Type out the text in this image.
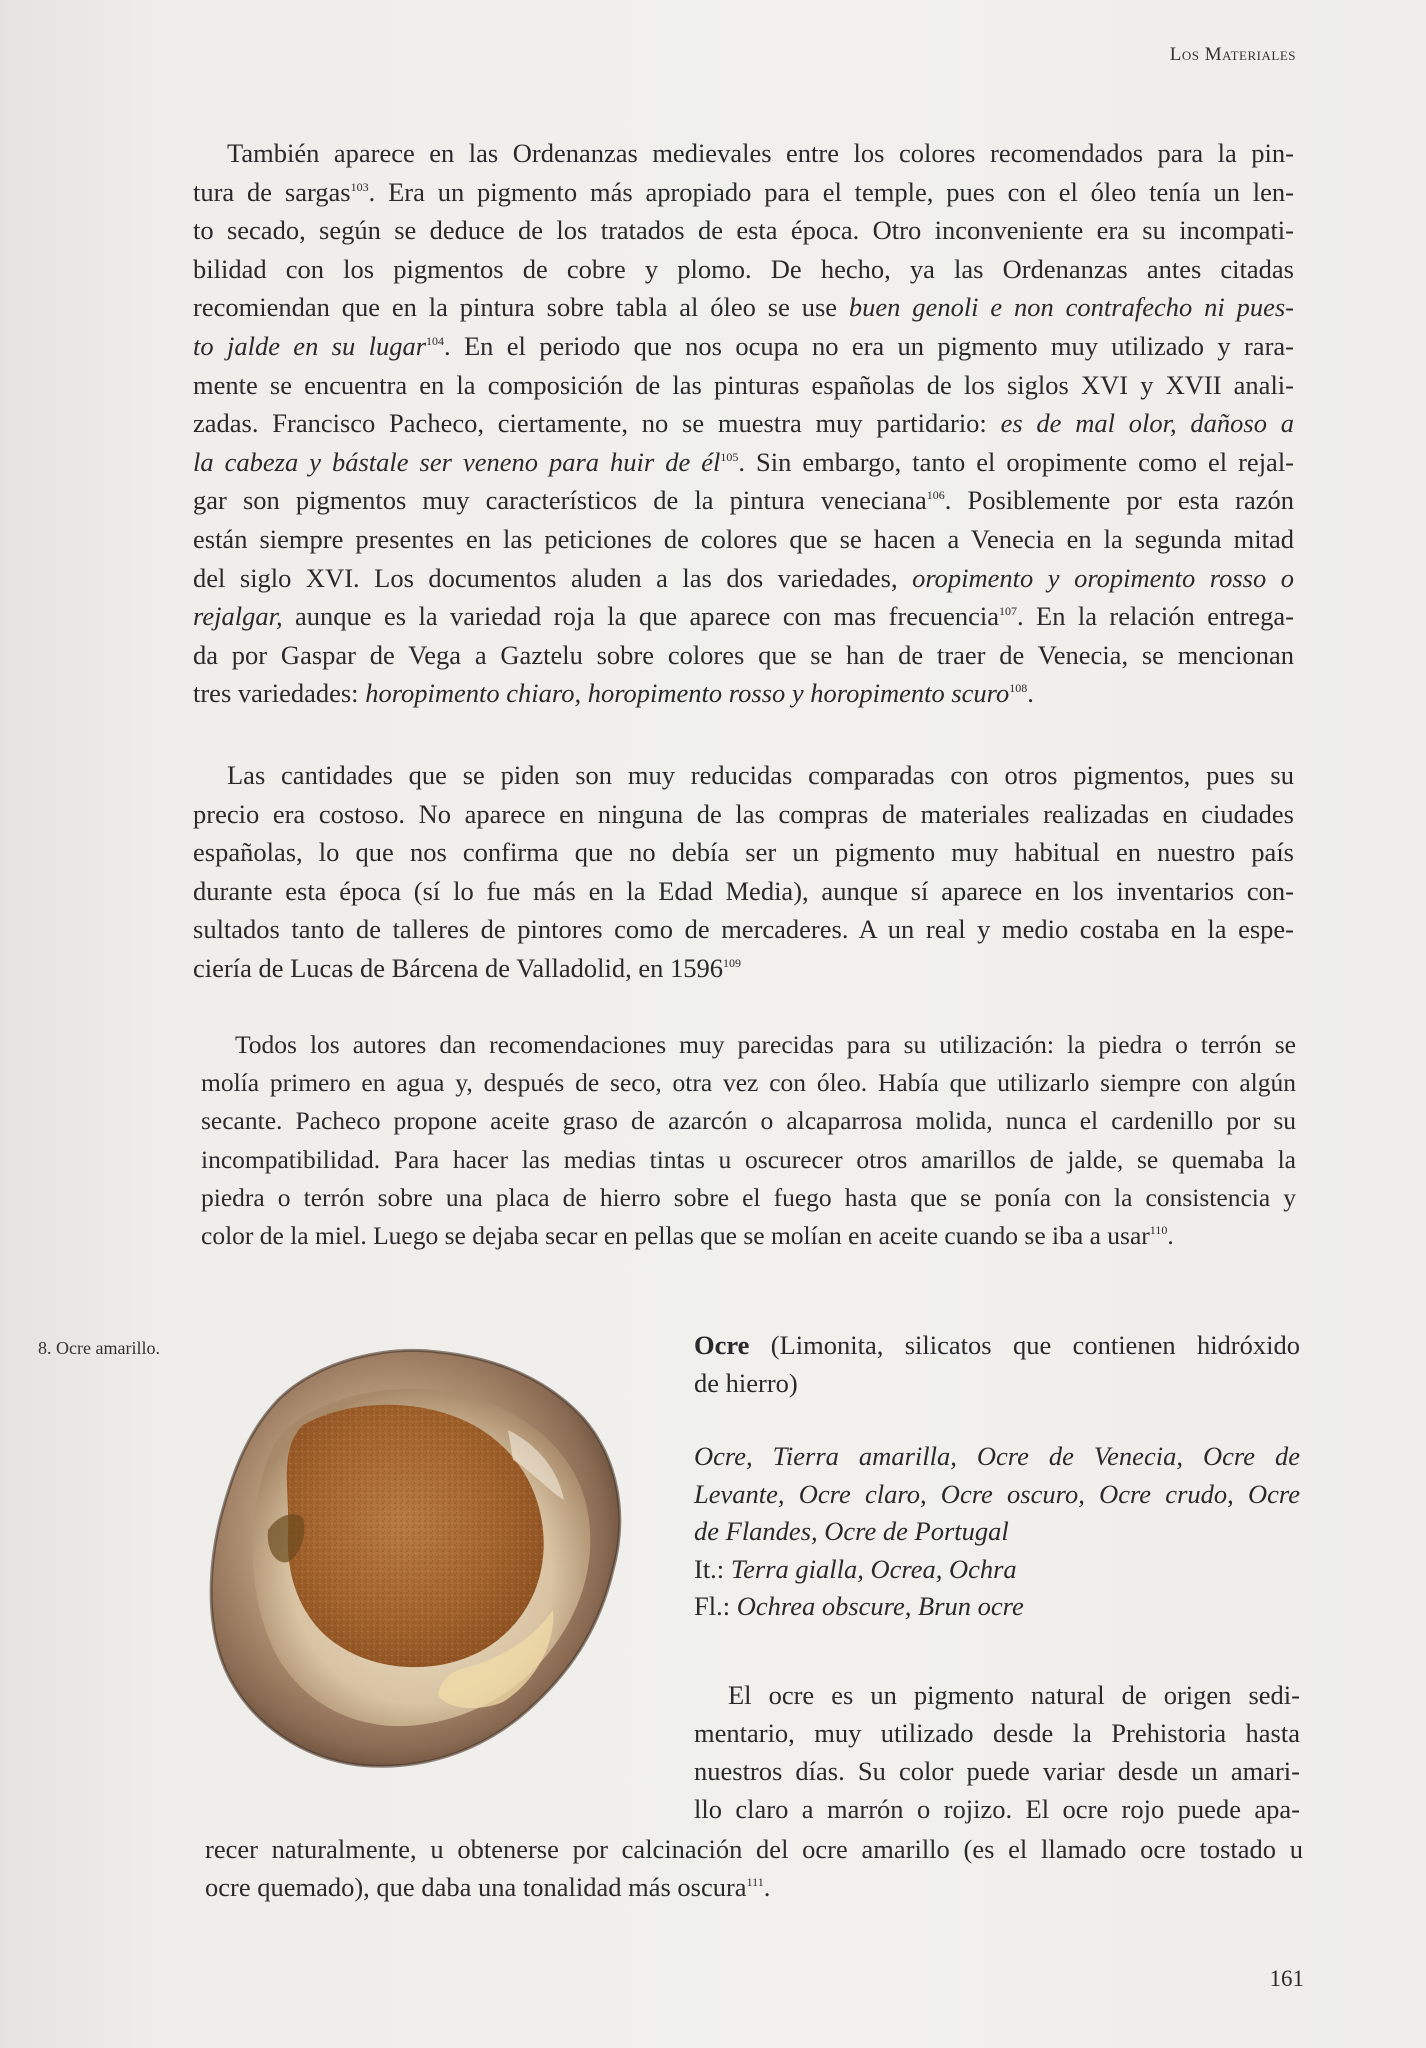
Los Materiales
También aparece en las Ordenanzas medievales entre los colores recomendados para la pin-
tura de sargas$^{103}$. Era un pigmento más apropiado para el temple, pues con el óleo tenía un len-
to secado, según se deduce de los tratados de esta época. Otro inconveniente era su incompati-
bilidad con los pigmentos de cobre y plomo. De hecho, ya las Ordenanzas antes citadas
recomiendan que en la pintura sobre tabla al óleo se use buen genoli e non contrafecho ni pues-
to jalde en su lugar$^{104}$. En el periodo que nos ocupa no era un pigmento muy utilizado y rara-
mente se encuentra en la composición de las pinturas españolas de los siglos XVI y XVII anali-
zadas. Francisco Pacheco, ciertamente, no se muestra muy partidario: es de mal olor, dañoso a
la cabeza y bástale ser veneno para huir de $él^{105}$. Sin embargo, tanto el oropimente como el rejal-
gar son pigmentos muy característicos de la pintura veneciana$^{106}$. Posiblemente por esta razón
están siempre presentes en las peticiones de colores que se hacen a Venecia en la segunda mitad
del siglo XVI. Los documentos aluden a las dos variedades, oropimento y oropimento rosso o
rejalgar, aunque es la variedad roja la que aparece con mas frecuencia$^{107}$. En la relación entrega-
da por Gaspar de Vega a Gaztelu sobre colores que se han de traer de Venecia, se mencionan
tres variedades: horopimento chiaro, horopimento rosso y horopimento scuro$^{108}$.
Las cantidades que se piden son muy reducidas comparadas con otros pigmentos, pues su
precio era costoso. No aparece en ninguna de las compras de materiales realizadas en ciudades
españolas, lo que nos confirma que no debía ser un pigmento muy habitual en nuestro país
durante esta época (sí lo fue más en la Edad Media), aunque sí aparece en los inventarios con-
sultados tanto de talleres de pintores como de mercaderes. A un real y medio costaba en la espe-
ciería de Lucas de Bárcena de Valladolid, en 1596$^{109}$
Todos los autores dan recomendaciones muy parecidas para su utilización: la piedra o terrón se
molía primero en agua y, después de seco, otra vez con óleo. Había que utilizarlo siempre con algún
secante. Pacheco propone aceite graso de azarcón o alcaparrosa molida, nunca el cardenillo por su
incompatibilidad. Para hacer las medias tintas u oscurecer otros amarillos de jalde, se quemaba la
piedra o terrón sobre una placa de hierro sobre el fuego hasta que se ponía con la consistencia y
color de la miel. Luego se dejaba secar en pellas que se molían en aceite cuando se iba a usar$^{110}$.
8. Ocre amarillo.	Ocre (Limonita, silicatos que contienen hidróxido
de hierro)
Ocre, Tierra amarilla, Ocre de Venecia, Ocre de
Levante, Ocre claro, Ocre oscuro, Ocre crudo, Ocre
de Flandes, Ocre de Portugal
It.: Terra gialla, Ocrea, Ochra
Fl.: Ochrea obscure, Brun ocre
El ocre es un pigmento natural de origen sedi-
mentario, muy utilizado desde la Prehistoria hasta
nuestros días. Su color puede variar desde un amari-
llo claro a marrón o rojizo. El ocre rojo puede apa-
recer naturalmente, u obtenerse por calcinación del ocre amarillo (es el llamado ocre tostado u
ocre quemado), que daba una tonalidad más oscura$^{111}$.
161
